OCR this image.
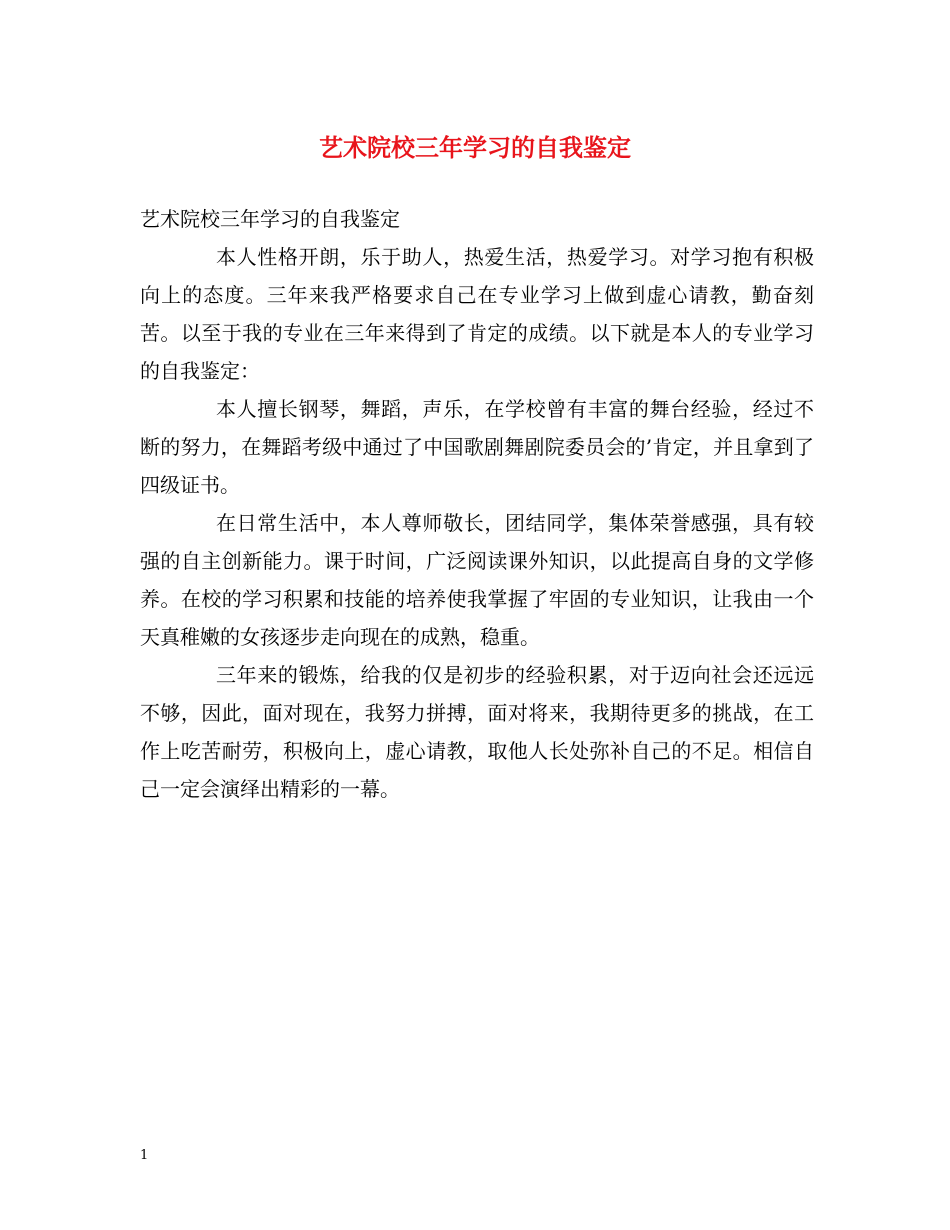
艺术院校三年学习的自我鉴定

艺术院校三年学习的自我鉴定

本人性格开朗，乐于助人，热爱生活，热爱学习。对学习抱有积极向上的态度。三年来我严格要求自己在专业学习上做到虚心请教，勤奋刻苦。以至于我的专业在三年来得到了肯定的成绩。以下就是本人的专业学习的自我鉴定：

本人擅长钢琴，舞蹈，声乐，在学校曾有丰富的舞台经验，经过不断的努力，在舞蹈考级中通过了中国歌剧舞剧院委员会的’肯定，并且拿到了四级证书。

在日常生活中，本人尊师敬长，团结同学，集体荣誉感强，具有较强的自主创新能力。课于时间，广泛阅读课外知识，以此提高自身的文学修养。在校的学习积累和技能的培养使我掌握了牢固的专业知识，让我由一个天真稚嫩的女孩逐步走向现在的成熟，稳重。

三年来的锻炼，给我的仅是初步的经验积累，对于迈向社会还远远不够，因此，面对现在，我努力拼搏，面对将来，我期待更多的挑战，在工作上吃苦耐劳，积极向上，虚心请教，取他人长处弥补自己的不足。相信自己一定会演绎出精彩的一幕。

1
